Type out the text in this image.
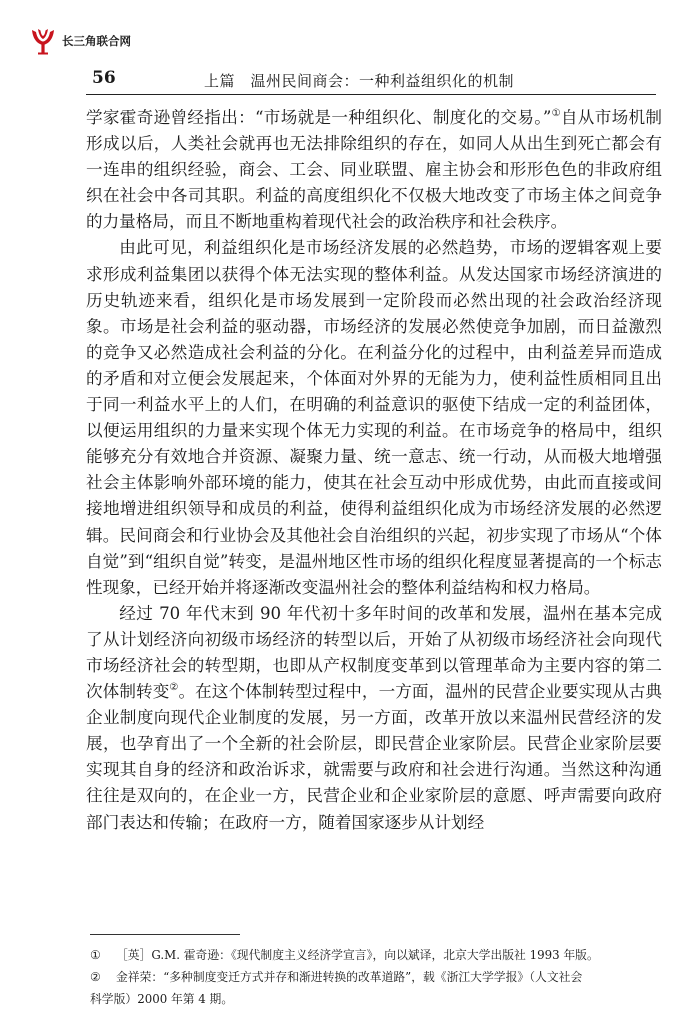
长三角联合网
56	上篇　温州民间商会：一种利益组织化的机制

学家霍奇逊曾经指出：“市场就是一种组织化、制度化的交易。”①自从市场机制形成以后，人类社会就再也无法排除组织的存在，如同人从出生到死亡都会有一连串的组织经验，商会、工会、同业联盟、雇主协会和形形色色的非政府组织在社会中各司其职。利益的高度组织化不仅极大地改变了市场主体之间竞争的力量格局，而且不断地重构着现代社会的政治秩序和社会秩序。

由此可见，利益组织化是市场经济发展的必然趋势，市场的逻辑客观上要求形成利益集团以获得个体无法实现的整体利益。从发达国家市场经济演进的历史轨迹来看，组织化是市场发展到一定阶段而必然出现的社会政治经济现象。市场是社会利益的驱动器，市场经济的发展必然使竞争加剧，而日益激烈的竞争又必然造成社会利益的分化。在利益分化的过程中，由利益差异而造成的矛盾和对立便会发展起来，个体面对外界的无能为力，使利益性质相同且出于同一利益水平上的人们，在明确的利益意识的驱使下结成一定的利益团体，以便运用组织的力量来实现个体无力实现的利益。在市场竞争的格局中，组织能够充分有效地合并资源、凝聚力量、统一意志、统一行动，从而极大地增强社会主体影响外部环境的能力，使其在社会互动中形成优势，由此而直接或间接地增进组织领导和成员的利益，使得利益组织化成为市场经济发展的必然逻辑。民间商会和行业协会及其他社会自治组织的兴起，初步实现了市场从“个体自觉”到“组织自觉”转变，是温州地区性市场的组织化程度显著提高的一个标志性现象，已经开始并将逐渐改变温州社会的整体利益结构和权力格局。

经过 70 年代末到 90 年代初十多年时间的改革和发展，温州在基本完成了从计划经济向初级市场经济的转型以后，开始了从初级市场经济社会向现代市场经济社会的转型期，也即从产权制度变革到以管理革命为主要内容的第二次体制转变②。在这个体制转型过程中，一方面，温州的民营企业要实现从古典企业制度向现代企业制度的发展，另一方面，改革开放以来温州民营经济的发展，也孕育出了一个全新的社会阶层，即民营企业家阶层。民营企业家阶层要实现其自身的经济和政治诉求，就需要与政府和社会进行沟通。当然这种沟通往往是双向的，在企业一方，民营企业和企业家阶层的意愿、呼声需要向政府部门表达和传输；在政府一方，随着国家逐步从计划经

① ［英］G.M. 霍奇逊：《现代制度主义经济学宣言》，向以斌译，北京大学出版社 1993 年版。

② 金祥荣：“多种制度变迁方式并存和渐进转换的改革道路”，载《浙江大学学报》（人文社会

科学版）2000 年第 4 期。
